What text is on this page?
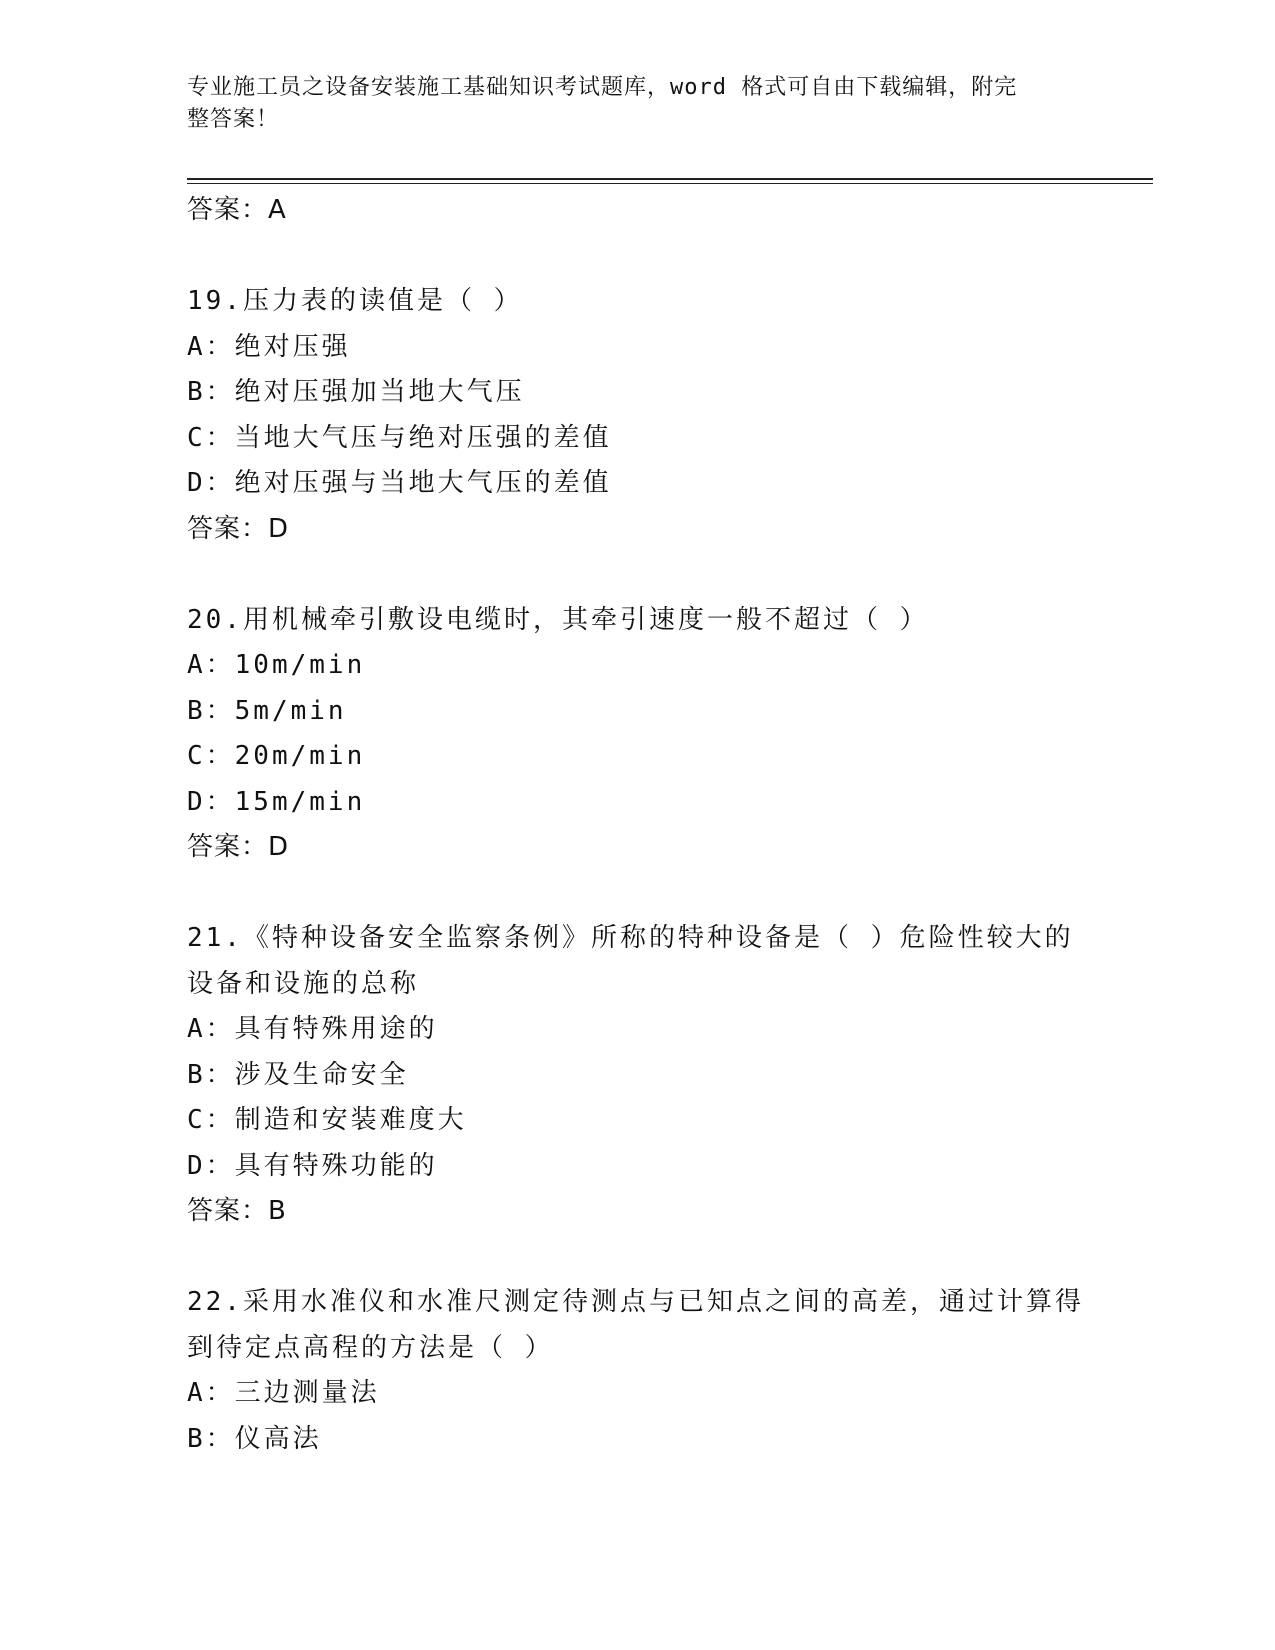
专业施工员之设备安装施工基础知识考试题库，word 格式可自由下载编辑，附完
整答案！
答案：A
19.压力表的读值是（ ）
A：绝对压强
B：绝对压强加当地大气压
C：当地大气压与绝对压强的差值
D：绝对压强与当地大气压的差值
答案：D
20.用机械牵引敷设电缆时，其牵引速度一般不超过（ ）
A：10m/min
B：5m/min
C：20m/min
D：15m/min
答案：D
21.《特种设备安全监察条例》所称的特种设备是（ ）危险性较大的
设备和设施的总称
A：具有特殊用途的
B：涉及生命安全
C：制造和安装难度大
D：具有特殊功能的
答案：B
22.采用水准仪和水准尺测定待测点与已知点之间的高差，通过计算得
到待定点高程的方法是（ ）
A：三边测量法
B：仪高法
